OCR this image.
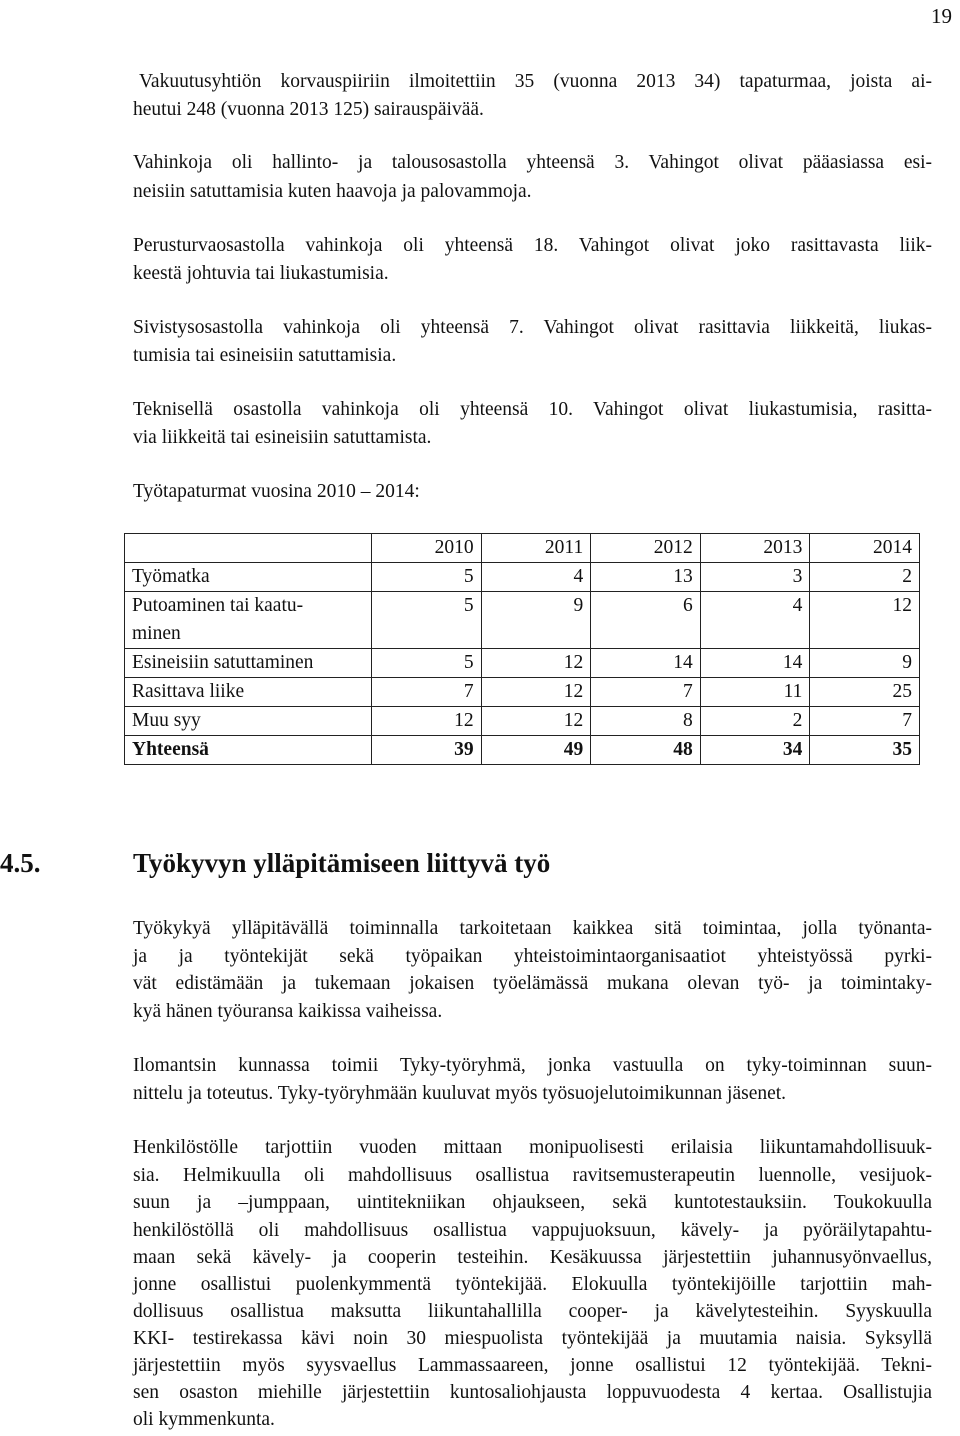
19
Vakuutusyhtiön korvauspiiriin ilmoitettiin 35 (vuonna 2013 34) tapaturmaa, joista ai-
heutui 248 (vuonna 2013 125) sairauspäivää.
Vahinkoja oli hallinto- ja talousosastolla yhteensä 3. Vahingot olivat pääasiassa esi-
neisiin satuttamisia kuten haavoja ja palovammoja.
Perusturvaosastolla vahinkoja oli yhteensä 18. Vahingot olivat joko rasittavasta liik-
keestä johtuvia tai liukastumisia.
Sivistysosastolla vahinkoja oli yhteensä 7. Vahingot olivat rasittavia liikkeitä, liukas-
tumisia tai esineisiin satuttamisia.
Teknisellä osastolla vahinkoja oli yhteensä 10. Vahingot olivat liukastumisia, rasitta-
via liikkeitä tai esineisiin satuttamista.
Työtapaturmat vuosina 2010 – 2014:
	2010	2011	2012	2013	2014
Työmatka	5	4	13	3	2

Putoaminen tai kaatu-
minen	5	9	6	4	12
Esineisiin satuttaminen	5	12	14	14	9
Rasittava liike	7	12	7	11	25
Muu syy	12	12	8	2	7
Yhteensä	39	49	48	34	35
4.5.	Työkyvyn ylläpitämiseen liittyvä työ
Työkykyä ylläpitävällä toiminnalla tarkoitetaan kaikkea sitä toimintaa, jolla työnanta-
ja ja työntekijät sekä työpaikan yhteistoimintaorganisaatiot yhteistyössä pyrki-
vät edistämään ja tukemaan jokaisen työelämässä mukana olevan työ- ja toimintaky-
kyä hänen työuransa kaikissa vaiheissa.
Ilomantsin kunnassa toimii Tyky-työryhmä, jonka vastuulla on tyky-toiminnan suun-
nittelu ja toteutus. Tyky-työryhmään kuuluvat myös työsuojelutoimikunnan jäsenet.
Henkilöstölle tarjottiin vuoden mittaan monipuolisesti erilaisia liikuntamahdollisuuk-
sia. Helmikuulla oli mahdollisuus osallistua ravitsemusterapeutin luennolle, vesijuok-
suun ja –jumppaan, uintitekniikan ohjaukseen, sekä kuntotestauksiin. Toukokuulla
henkilöstöllä oli mahdollisuus osallistua vappujuoksuun, kävely- ja pyöräilytapahtu-
maan sekä kävely- ja cooperin testeihin. Kesäkuussa järjestettiin juhannusyönvaellus,
jonne osallistui puolenkymmentä työntekijää. Elokuulla työntekijöille tarjottiin mah-
dollisuus osallistua maksutta liikuntahallilla cooper- ja kävelytesteihin. Syyskuulla
KKI- testirekassa kävi noin 30 miespuolista työntekijää ja muutamia naisia. Syksyllä
järjestettiin myös syysvaellus Lammassaareen, jonne osallistui 12 työntekijää. Tekni-
sen osaston miehille järjestettiin kuntosaliohjausta loppuvuodesta 4 kertaa. Osallistujia
oli kymmenkunta.
